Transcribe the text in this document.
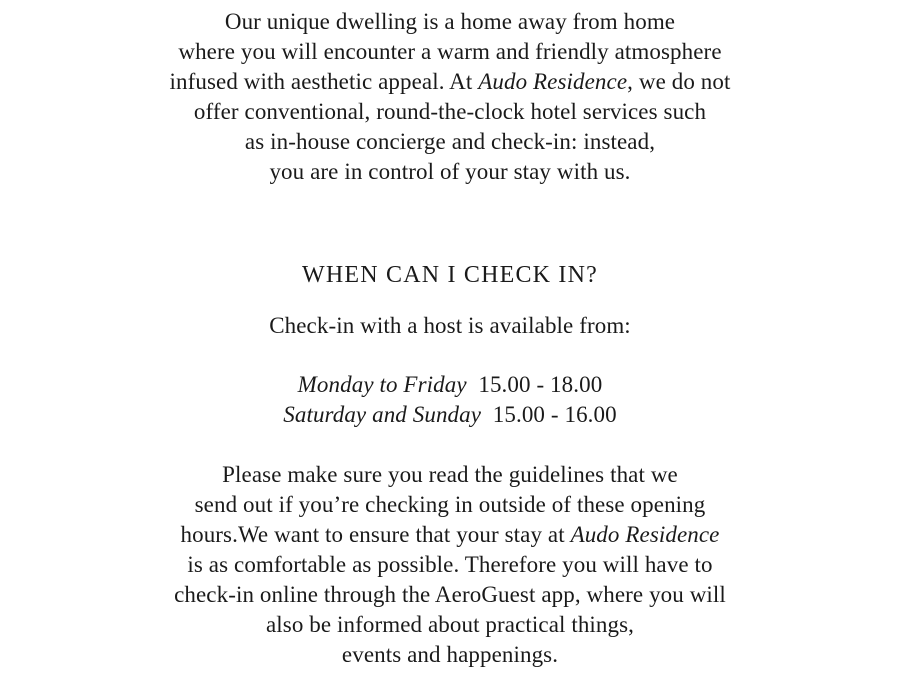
Our unique dwelling is a home away from home
where you will encounter a warm and friendly atmosphere
infused with aesthetic appeal. At Audo Residence, we do not
offer conventional, round-the-clock hotel services such
as in-house concierge and check-in: instead,
you are in control of your stay with us.

WHEN CAN I CHECK IN?

Check-in with a host is available from:

Monday to Friday 15.00 - 18.00
Saturday and Sunday 15.00 - 16.00

Please make sure you read the guidelines that we
send out if you’re checking in outside of these opening
hours.We want to ensure that your stay at Audo Residence
is as comfortable as possible. Therefore you will have to
check-in online through the AeroGuest app, where you will
also be informed about practical things,
events and happenings.
